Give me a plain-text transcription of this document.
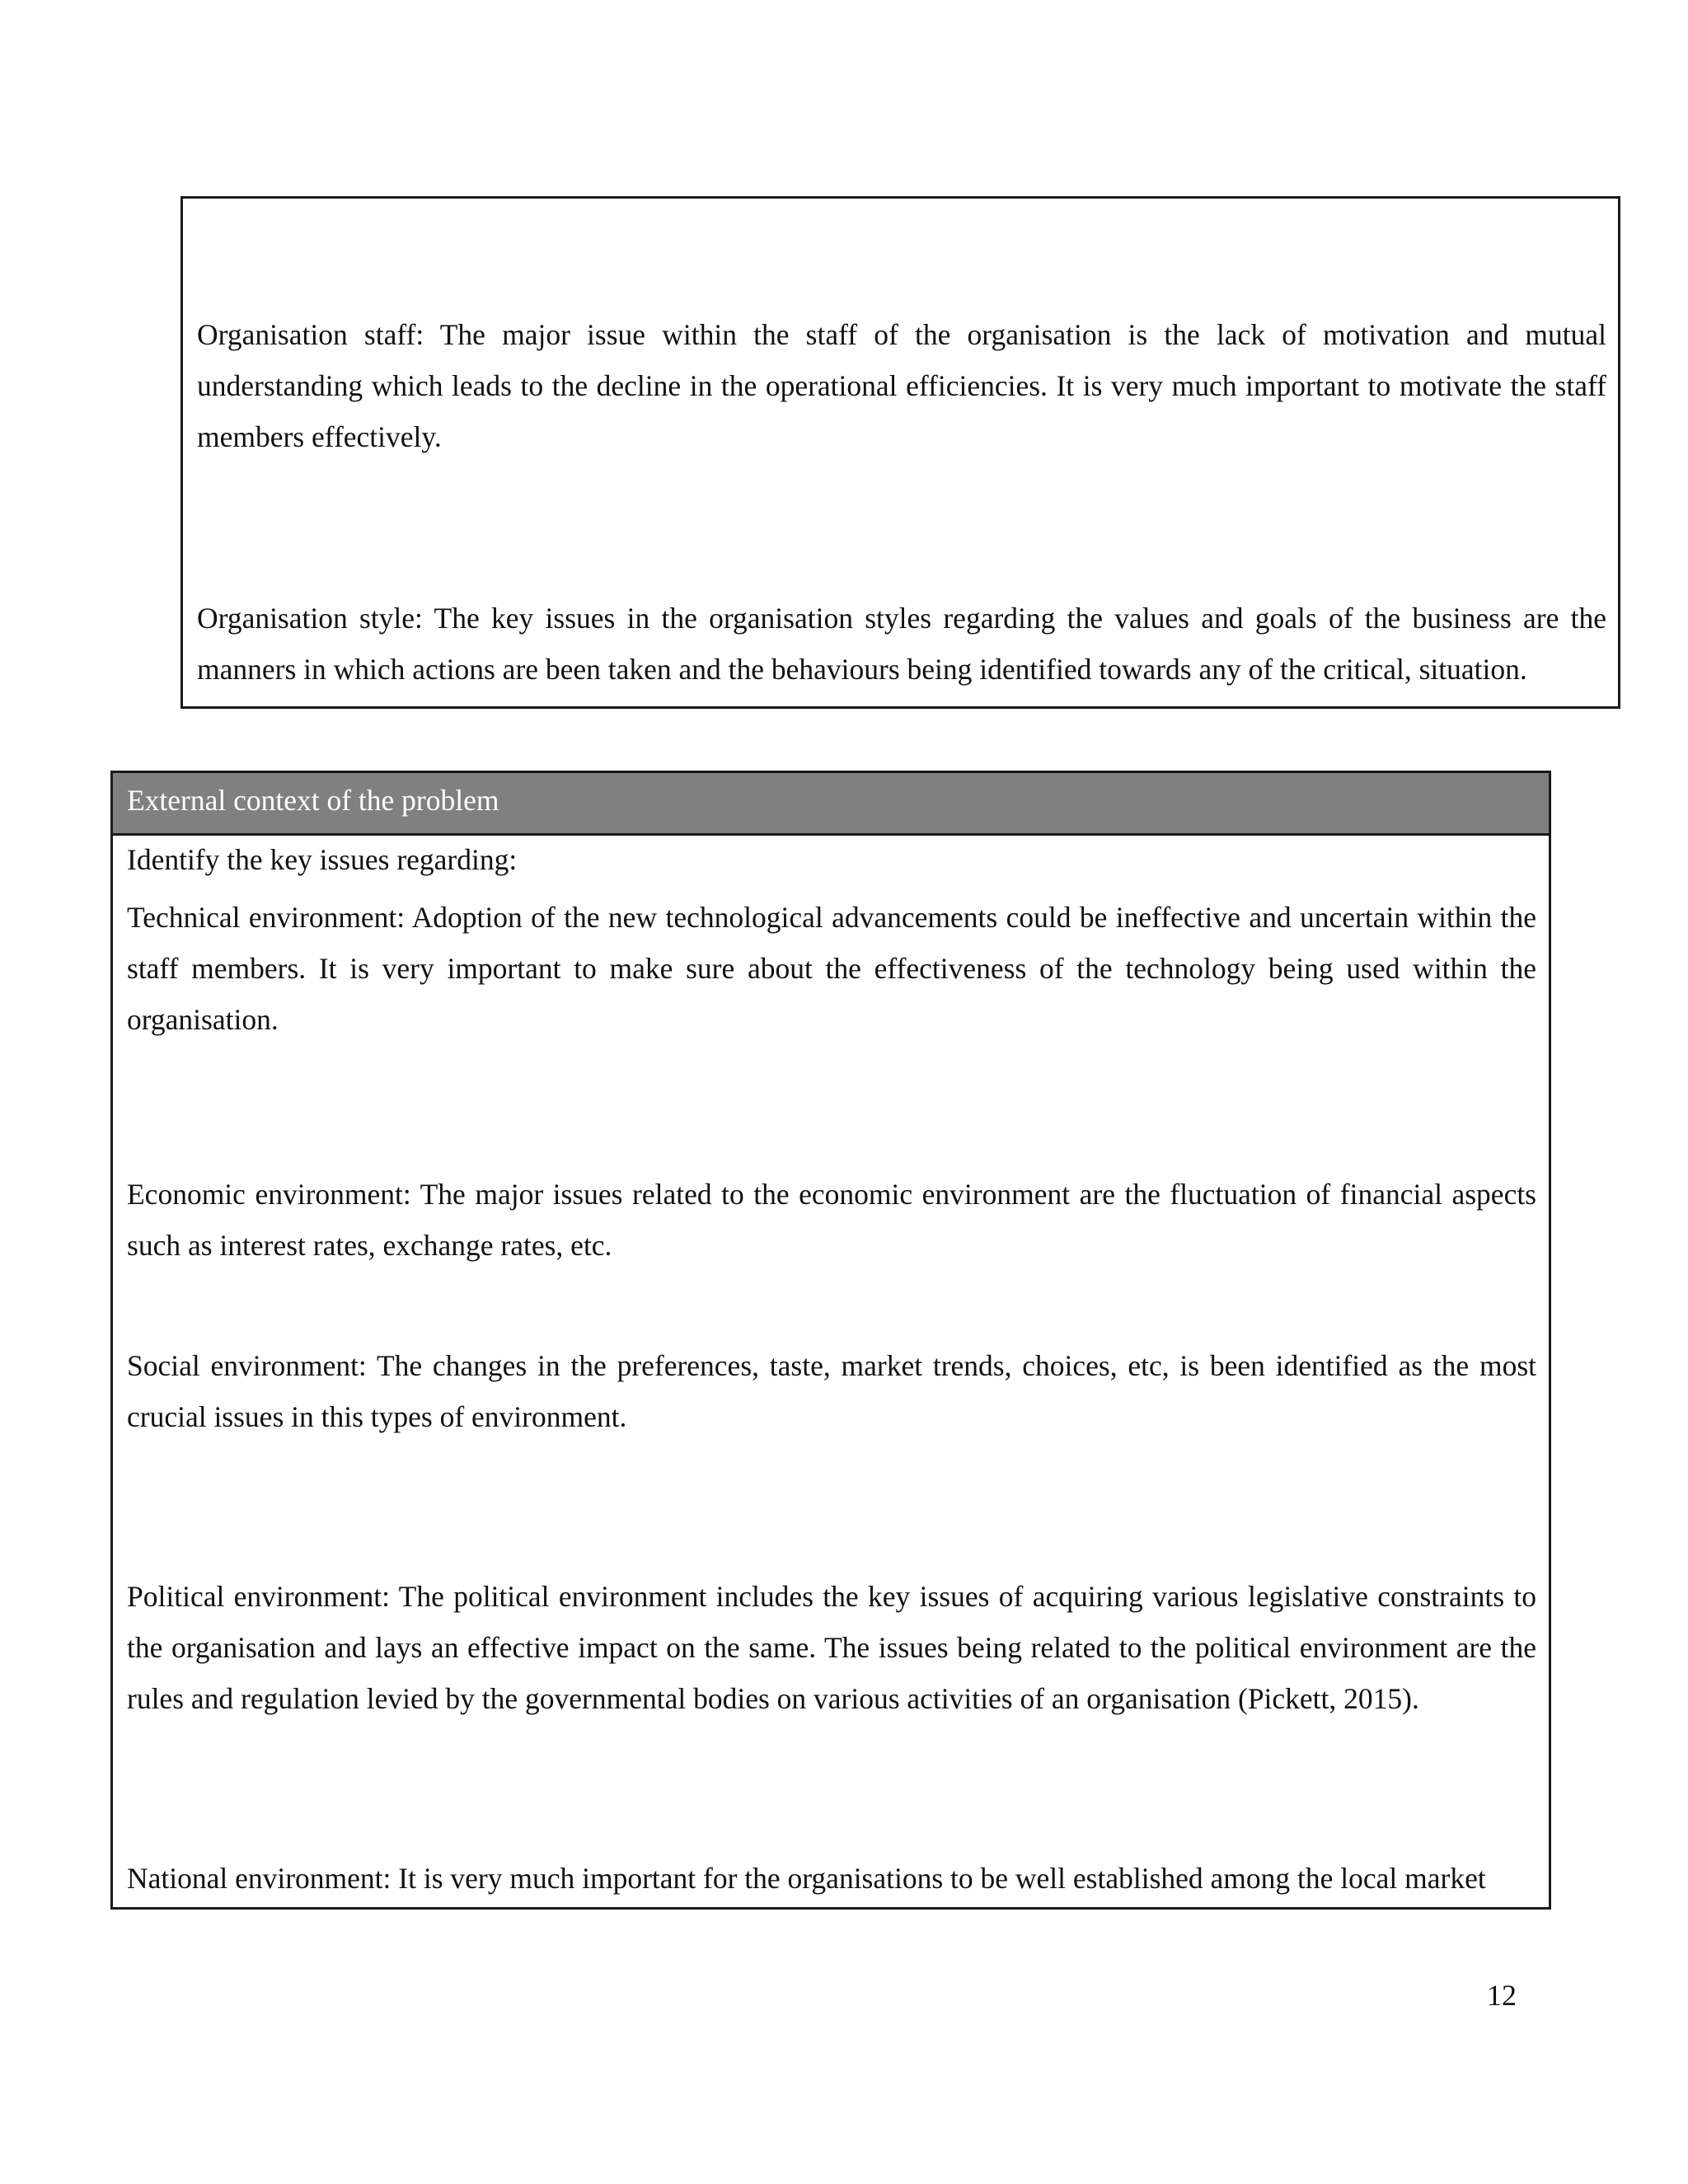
Organisation staff: The major issue within the staff of the organisation is the lack of motivation and mutual understanding which leads to the decline in the operational efficiencies. It is very much important to motivate the staff members effectively.

Organisation style: The key issues in the organisation styles regarding the values and goals of the business are the manners in which actions are been taken and the behaviours being identified towards any of the critical, situation.

External context of the problem

Identify the key issues regarding:

Technical environment: Adoption of the new technological advancements could be ineffective and uncertain within the staff members. It is very important to make sure about the effectiveness of the technology being used within the organisation.

Economic environment: The major issues related to the economic environment are the fluctuation of financial aspects such as interest rates, exchange rates, etc.

Social environment: The changes in the preferences, taste, market trends, choices, etc, is been identified as the most crucial issues in this types of environment.

Political environment: The political environment includes the key issues of acquiring various legislative constraints to the organisation and lays an effective impact on the same. The issues being related to the political environment are the rules and regulation levied by the governmental bodies on various activities of an organisation (Pickett, 2015).

National environment: It is very much important for the organisations to be well established among the local market

12
